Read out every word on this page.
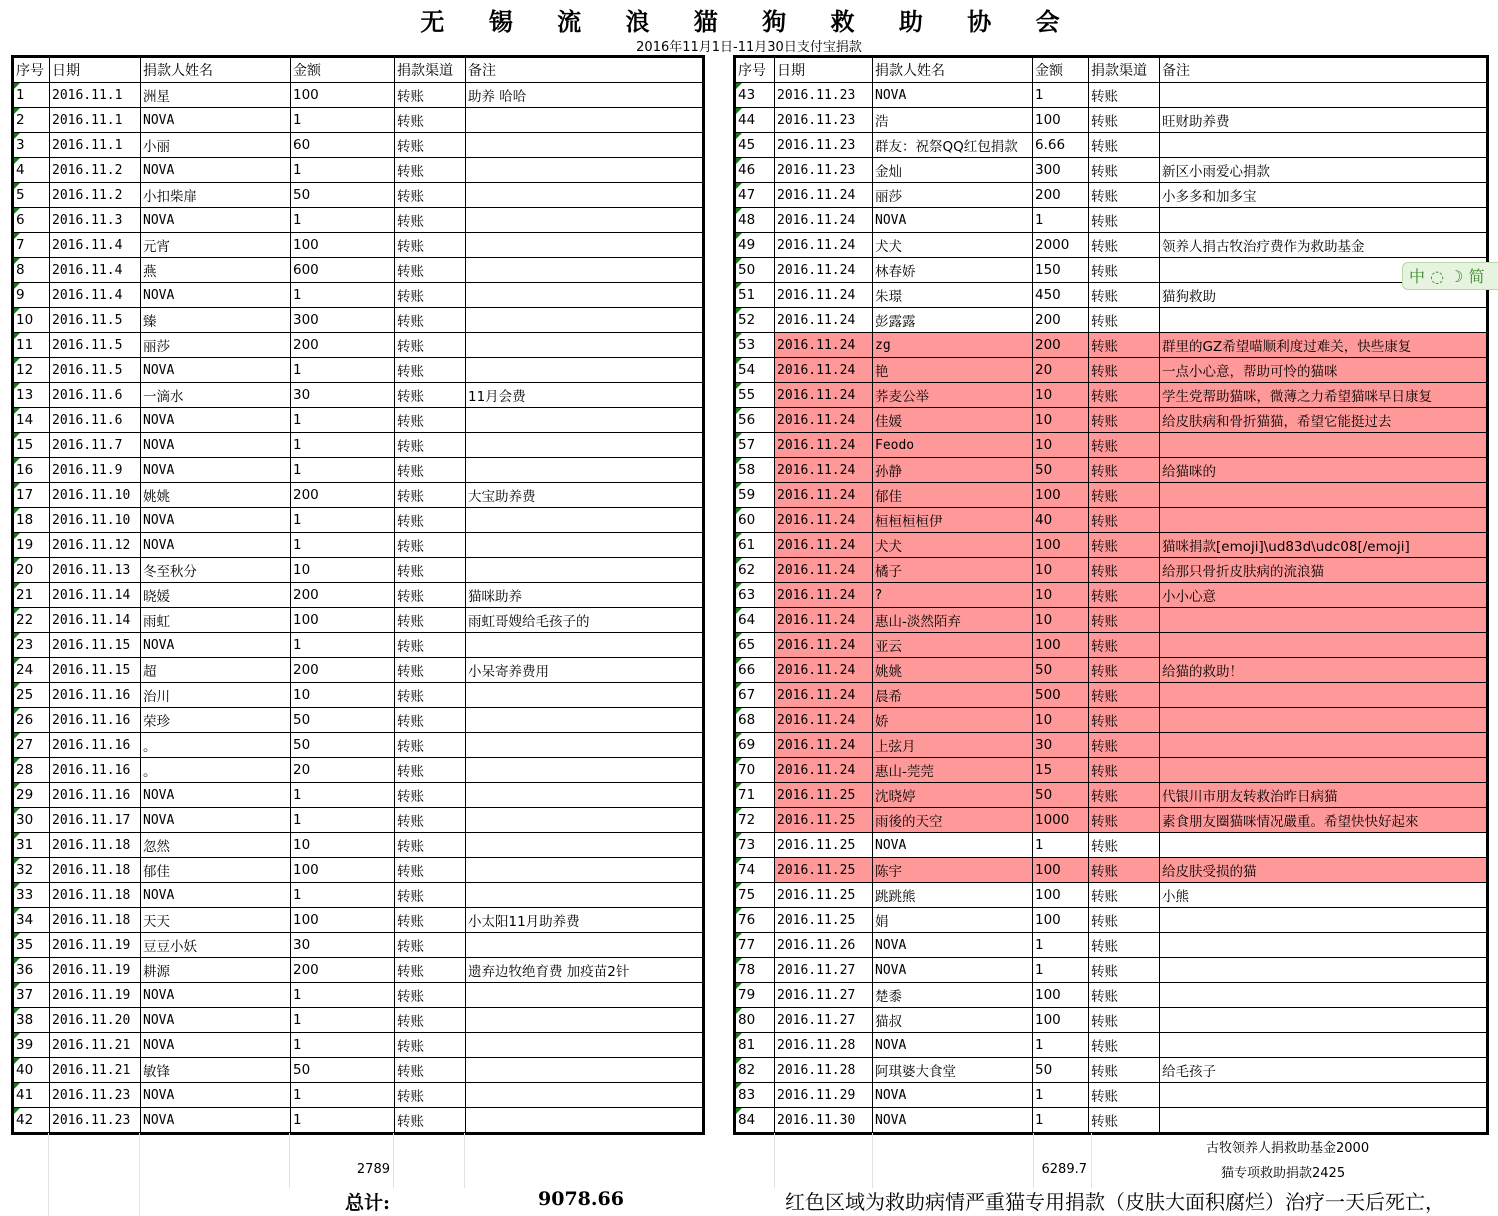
无 锡 流 浪 猫 狗 救 助 协 会
2016年11月1日-11月30日支付宝捐款
序号	日期	捐款人姓名	金额	捐款渠道	备注
1	2016.11.1	洲星	100	转账	助养 哈哈
2	2016.11.1	NOVA	1	转账	
3	2016.11.1	小丽	60	转账	
4	2016.11.2	NOVA	1	转账	
5	2016.11.2	小扣柴扉	50	转账	
6	2016.11.3	NOVA	1	转账	
7	2016.11.4	元宵	100	转账	
8	2016.11.4	燕	600	转账	
9	2016.11.4	NOVA	1	转账	
10	2016.11.5	臻	300	转账	
11	2016.11.5	丽莎	200	转账	
12	2016.11.5	NOVA	1	转账	
13	2016.11.6	一滴水	30	转账	11月会费
14	2016.11.6	NOVA	1	转账	
15	2016.11.7	NOVA	1	转账	
16	2016.11.9	NOVA	1	转账	
17	2016.11.10	姚姚	200	转账	大宝助养费
18	2016.11.10	NOVA	1	转账	
19	2016.11.12	NOVA	1	转账	
20	2016.11.13	冬至秋分	10	转账	
21	2016.11.14	晓媛	200	转账	猫咪助养
22	2016.11.14	雨虹	100	转账	雨虹哥嫂给毛孩子的
23	2016.11.15	NOVA	1	转账	
24	2016.11.15	超	200	转账	小呆寄养费用
25	2016.11.16	治川	10	转账	
26	2016.11.16	荣珍	50	转账	
27	2016.11.16	。	50	转账	
28	2016.11.16	。	20	转账	
29	2016.11.16	NOVA	1	转账	
30	2016.11.17	NOVA	1	转账	
31	2016.11.18	忽然	10	转账	
32	2016.11.18	郁佳	100	转账	
33	2016.11.18	NOVA	1	转账	
34	2016.11.18	天天	100	转账	小太阳11月助养费
35	2016.11.19	豆豆小妖	30	转账	
36	2016.11.19	耕源	200	转账	遗弃边牧绝育费 加疫苗2针
37	2016.11.19	NOVA	1	转账	
38	2016.11.20	NOVA	1	转账	
39	2016.11.21	NOVA	1	转账	
40	2016.11.21	敏锋	50	转账	
41	2016.11.23	NOVA	1	转账	
42	2016.11.23	NOVA	1	转账	
序号	日期	捐款人姓名	金额	捐款渠道	备注
43	2016.11.23	NOVA	1	转账	
44	2016.11.23	浩	100	转账	旺财助养费
45	2016.11.23	群友：祝祭QQ红包捐款	6.66	转账	
46	2016.11.23	金灿	300	转账	新区小雨爱心捐款
47	2016.11.24	丽莎	200	转账	小多多和加多宝
48	2016.11.24	NOVA	1	转账	
49	2016.11.24	犬犬	2000	转账	领养人捐古牧治疗费作为救助基金
50	2016.11.24	林春娇	150	转账	
51	2016.11.24	朱璟	450	转账	猫狗救助
52	2016.11.24	彭露露	200	转账	
53	2016.11.24	zg	200	转账	群里的GZ希望喵顺利度过难关，快些康复
54	2016.11.24	艳	20	转账	一点小心意，帮助可怜的猫咪
55	2016.11.24	荞麦公举	10	转账	学生党帮助猫咪，微薄之力希望猫咪早日康复
56	2016.11.24	佳媛	10	转账	给皮肤病和骨折猫猫，希望它能挺过去
57	2016.11.24	Feodo	10	转账	
58	2016.11.24	孙静	50	转账	给猫咪的
59	2016.11.24	郁佳	100	转账	
60	2016.11.24	桓桓桓桓伊	40	转账	
61	2016.11.24	犬犬	100	转账	猫咪捐款[emoji]\ud83d\udc08[/emoji]
62	2016.11.24	橘子	10	转账	给那只骨折皮肤病的流浪猫
63	2016.11.24	?	10	转账	小小心意
64	2016.11.24	惠山-淡然陌弃	10	转账	
65	2016.11.24	亚云	100	转账	
66	2016.11.24	姚姚	50	转账	给猫的救助！
67	2016.11.24	晨希	500	转账	
68	2016.11.24	娇	10	转账	
69	2016.11.24	上弦月	30	转账	
70	2016.11.24	惠山-莞莞	15	转账	
71	2016.11.25	沈晓婷	50	转账	代银川市朋友转救治昨日病猫
72	2016.11.25	雨後的天空	1000	转账	素食朋友圈猫咪情况嚴重。希望快快好起來
73	2016.11.25	NOVA	1	转账	
74	2016.11.25	陈宇	100	转账	给皮肤受损的猫
75	2016.11.25	跳跳熊	100	转账	小熊
76	2016.11.25	娟	100	转账	
77	2016.11.26	NOVA	1	转账	
78	2016.11.27	NOVA	1	转账	
79	2016.11.27	楚黍	100	转账	
80	2016.11.27	猫叔	100	转账	
81	2016.11.28	NOVA	1	转账	
82	2016.11.28	阿琪婆大食堂	50	转账	给毛孩子
83	2016.11.29	NOVA	1	转账	
84	2016.11.30	NOVA	1	转账	
中 ◌ ☽ 简
古牧领养人捐救助基金2000
2789	6289.7	猫专项救助捐款2425
总计:	9078.66	红色区域为救助病情严重猫专用捐款（皮肤大面积腐烂）治疗一天后死亡，
